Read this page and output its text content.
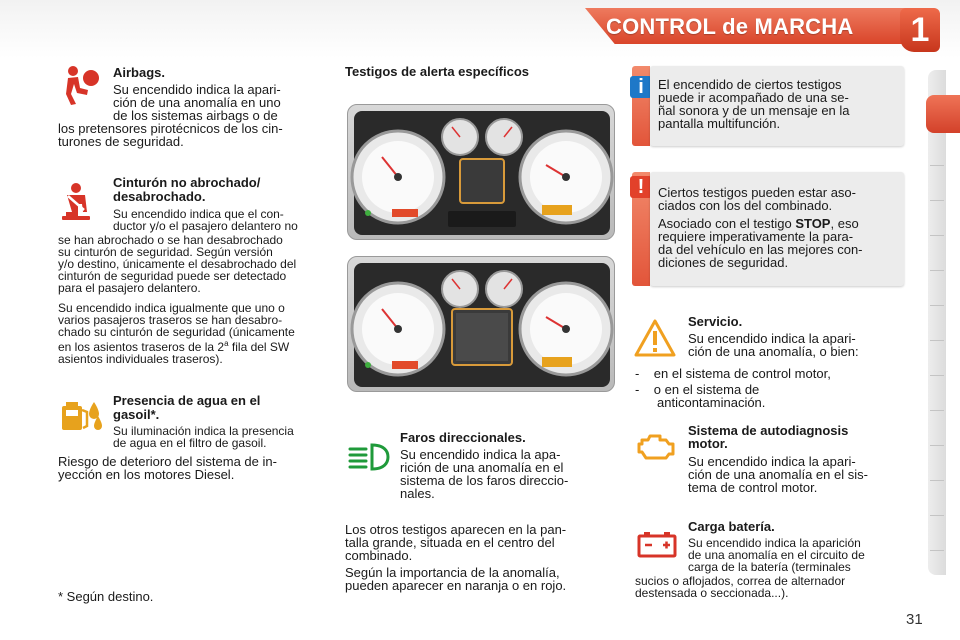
CONTROL de MARCHA	1
Airbags.
Su encendido indica la apari-
ción de una anomalía en uno
de los sistemas airbags o de
los pretensores pirotécnicos de los cin-
turones de seguridad.
Cinturón no abrochado/
desabrochado.
Su encendido indica que el con-
ductor y/o el pasajero delantero no
se han abrochado o se han desabrochado
su cinturón de seguridad. Según versión
y/o destino, únicamente el desabrochado del
cinturón de seguridad puede ser detectado
para el pasajero delantero.
Su encendido indica igualmente que uno o
varios pasajeros traseros se han desabro-
chado su cinturón de seguridad (únicamente
en los asientos traseros de la 2$^a$ fila del SW
asientos individuales traseros).
Presencia de agua en el
gasoil*.
Su iluminación indica la presencia
de agua en el filtro de gasoil.
Riesgo de deterioro del sistema de in-
yección en los motores Diesel.
* Según destino.
Testigos de alerta específicos
Faros direccionales.
Su encendido indica la apa-
rición de una anomalía en el
sistema de los faros direccio-
nales.
Los otros testigos aparecen en la pan-
talla grande, situada en el centro del
combinado.
Según la importancia de la anomalía,
pueden aparecer en naranja o en rojo.
i	El encendido de ciertos testigos
puede ir acompañado de una se-
ñal sonora y de un mensaje en la
pantalla multifunción.
!	Ciertos testigos pueden estar aso-
ciados con los del combinado.
Asociado con el testigo STOP, eso
requiere imperativamente la para-
da del vehículo en las mejores con-
diciones de seguridad.
Servicio.
Su encendido indica la apari-
ción de una anomalía, o bien:
-    en el sistema de control motor,
-    o en el sistema de
anticontaminación.
Sistema de autodiagnosis
motor.
Su encendido indica la apari-
ción de una anomalía en el sis-
tema de control motor.
Carga batería.
Su encendido indica la aparición
de una anomalía en el circuito de
carga de la batería (terminales
sucios o aflojados, correa de alternador
destensada o seccionada...).
31
